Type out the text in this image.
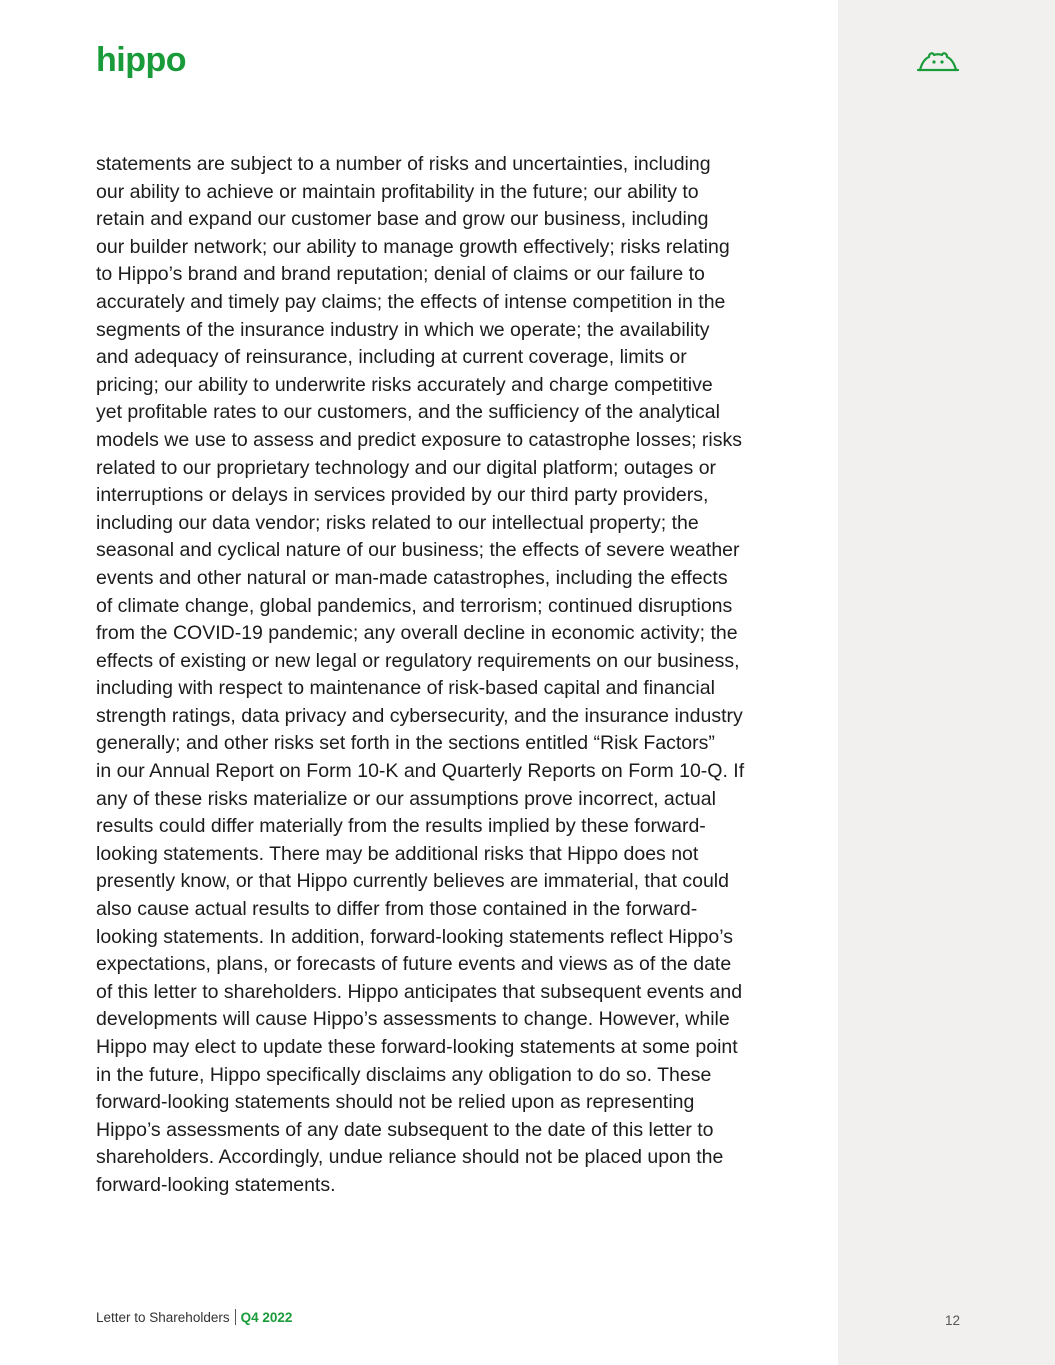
hippo
statements are subject to a number of risks and uncertainties, including
our ability to achieve or maintain profitability in the future; our ability to
retain and expand our customer base and grow our business, including
our builder network; our ability to manage growth effectively; risks relating
to Hippo’s brand and brand reputation; denial of claims or our failure to
accurately and timely pay claims; the effects of intense competition in the
segments of the insurance industry in which we operate; the availability
and adequacy of reinsurance, including at current coverage, limits or
pricing; our ability to underwrite risks accurately and charge competitive
yet profitable rates to our customers, and the sufficiency of the analytical
models we use to assess and predict exposure to catastrophe losses; risks
related to our proprietary technology and our digital platform; outages or
interruptions or delays in services provided by our third party providers,
including our data vendor; risks related to our intellectual property; the
seasonal and cyclical nature of our business; the effects of severe weather
events and other natural or man-made catastrophes, including the effects
of climate change, global pandemics, and terrorism; continued disruptions
from the COVID-19 pandemic; any overall decline in economic activity; the
effects of existing or new legal or regulatory requirements on our business,
including with respect to maintenance of risk-based capital and financial
strength ratings, data privacy and cybersecurity, and the insurance industry
generally; and other risks set forth in the sections entitled “Risk Factors”
in our Annual Report on Form 10-K and Quarterly Reports on Form 10-Q. If
any of these risks materialize or our assumptions prove incorrect, actual
results could differ materially from the results implied by these forward-
looking statements. There may be additional risks that Hippo does not
presently know, or that Hippo currently believes are immaterial, that could
also cause actual results to differ from those contained in the forward-
looking statements. In addition, forward-looking statements reflect Hippo’s
expectations, plans, or forecasts of future events and views as of the date
of this letter to shareholders. Hippo anticipates that subsequent events and
developments will cause Hippo’s assessments to change. However, while
Hippo may elect to update these forward-looking statements at some point
in the future, Hippo specifically disclaims any obligation to do so. These
forward-looking statements should not be relied upon as representing
Hippo’s assessments of any date subsequent to the date of this letter to
shareholders. Accordingly, undue reliance should not be placed upon the
forward-looking statements.
Letter to Shareholders Q4 2022	12
